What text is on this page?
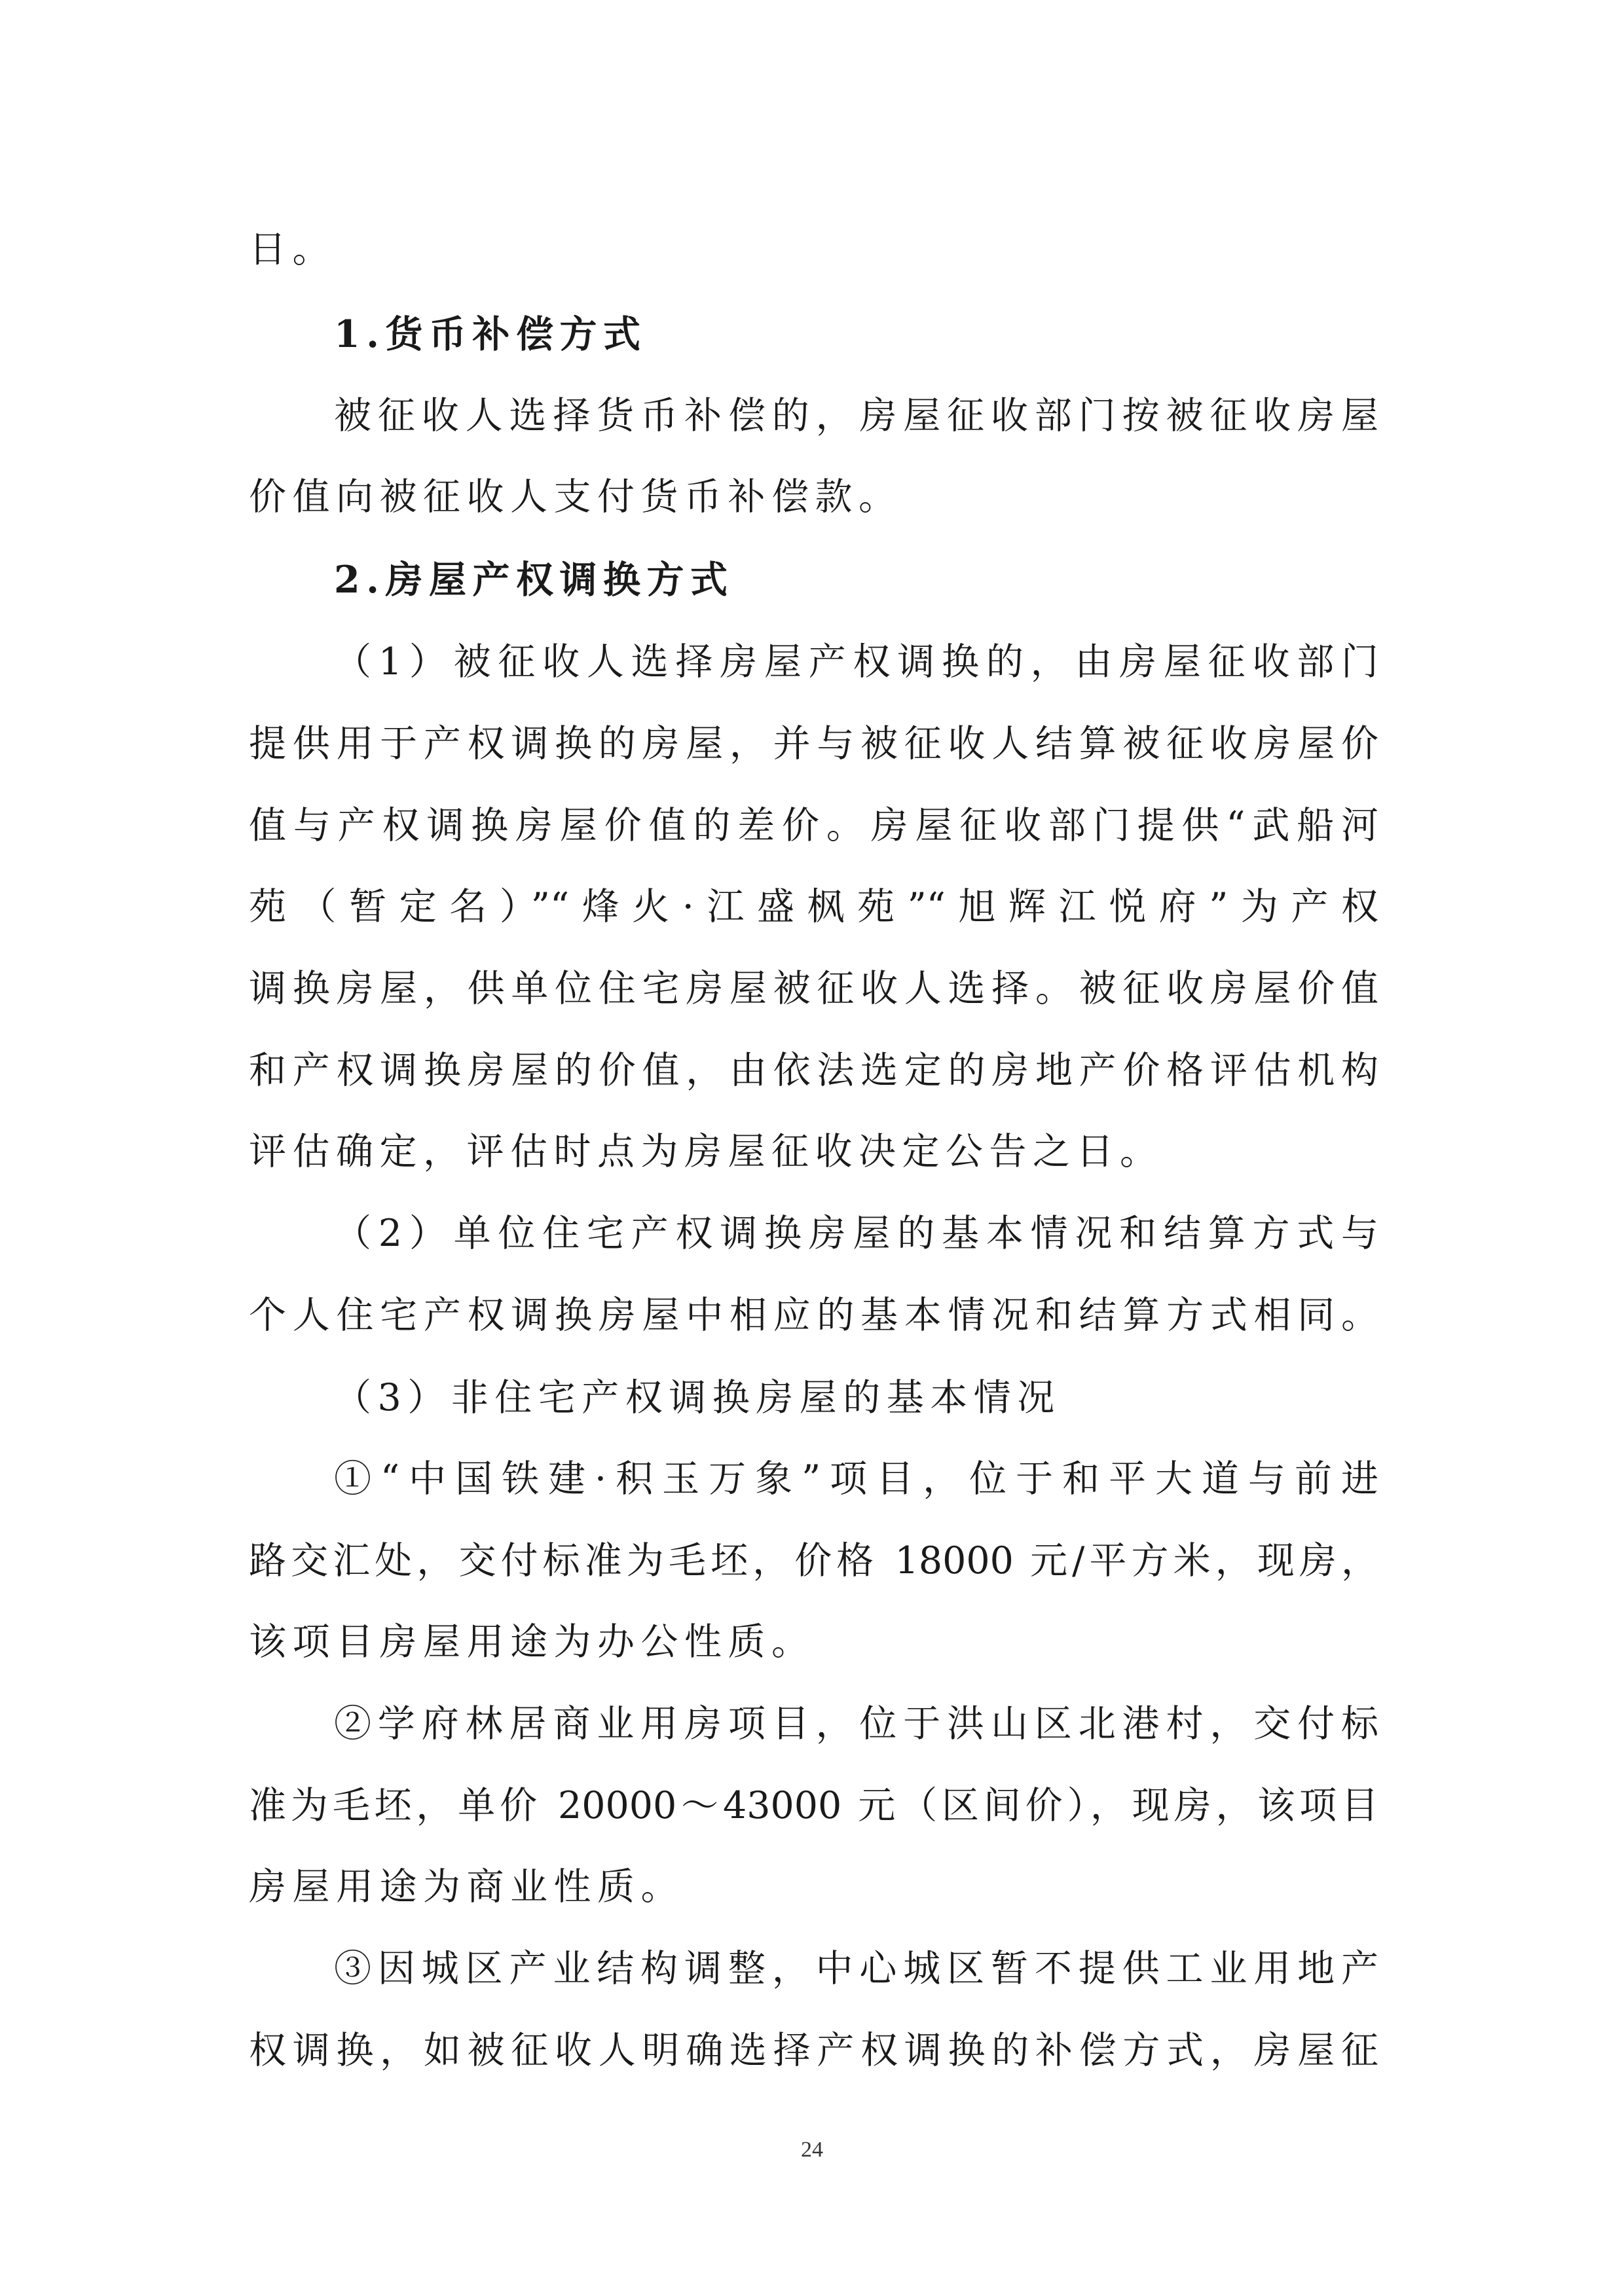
日。
1.货币补偿方式
被征收人选择货币补偿的，房屋征收部门按被征收房屋
价值向被征收人支付货币补偿款。
2.房屋产权调换方式
（1）被征收人选择房屋产权调换的，由房屋征收部门
提供用于产权调换的房屋，并与被征收人结算被征收房屋价
值与产权调换房屋价值的差价。房屋征收部门提供“武船河
苑（暂定名）”“烽火·江盛枫苑”“旭辉江悦府”为产权
调换房屋，供单位住宅房屋被征收人选择。被征收房屋价值
和产权调换房屋的价值，由依法选定的房地产价格评估机构
评估确定，评估时点为房屋征收决定公告之日。
（2）单位住宅产权调换房屋的基本情况和结算方式与
个人住宅产权调换房屋中相应的基本情况和结算方式相同。
（3）非住宅产权调换房屋的基本情况
①“中国铁建·积玉万象”项目，位于和平大道与前进
路交汇处，交付标准为毛坯，价格 18000 元/平方米，现房，
该项目房屋用途为办公性质。
②学府林居商业用房项目，位于洪山区北港村，交付标
准为毛坯，单价 20000～43000 元（区间价），现房，该项目
房屋用途为商业性质。
③因城区产业结构调整，中心城区暂不提供工业用地产
权调换，如被征收人明确选择产权调换的补偿方式，房屋征
24
